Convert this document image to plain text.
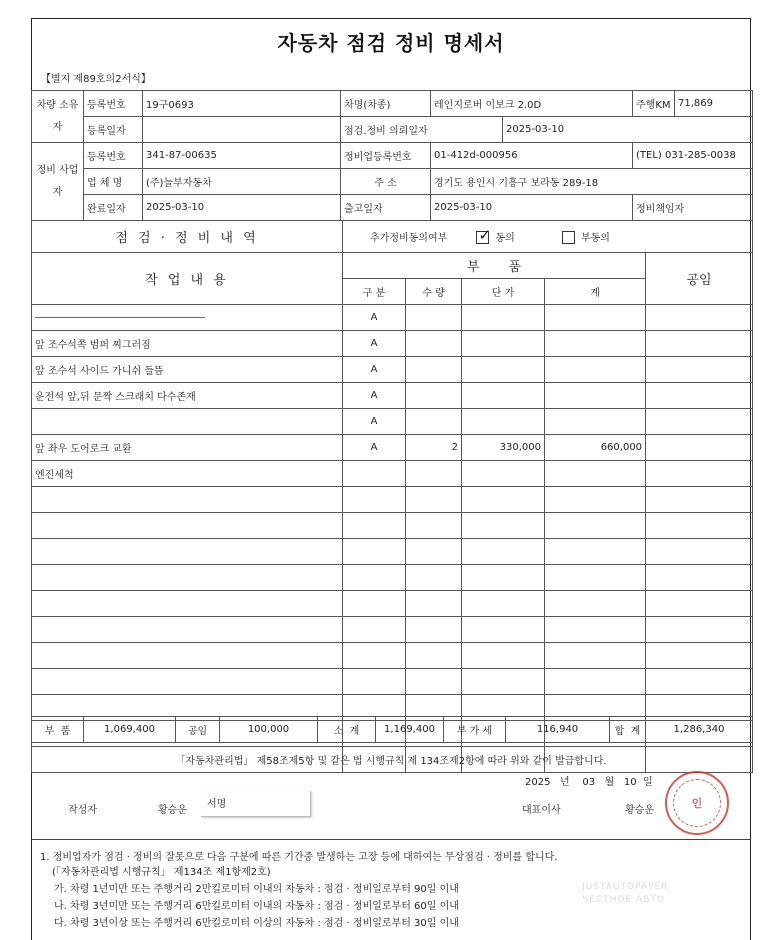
자동차 점검 정비 명세서
【별지 제89호의2서식】
차량 소유자	등록번호	19구0693	차명(차종)	레인지로버 이보크 2.0D		주행KM	71,869	
	등록일자		점검.정비 의뢰일자		2025-03-10			
정비 사업자	등록번호	341-87-00635	정비업등록번호	01-412d-000956		(TEL) 031-285-0038		
	업 체 명	(주)늘부자동차	주 소	경기도 용인시 기흥구 보라동 289-18				
	완료일자	2025-03-10	출고일자	2025-03-10		정비책임자	
점 검 · 정 비 내 역	추가정비동의여부 ✓	동의	부동의
작 업 내 용	부       품				공임
	구 분	수 량	단 가	계	
―――――――――――――――――	A				
앞 조수석쪽 범퍼 찌그러짐	A				
앞 조수석 사이드 가니쉬 들뜸	A				
운전석 앞,뒤 문짝 스크래치 다수존재	A				
	A				
앞 좌우 도어로크 교환	A	2	330,000	660,000	
엔진세척					

부  품	1,069,400	공임	100,000	소  계	1,169,400	부 가 세	116,940	합  계	1,286,340
「자동차관리법」 제58조제5항 및 같은 법 시행규칙 제 134조제2항에 따라 위와 같이 발급합니다.
2025 년 03 월 10 일
작성자	황승운
서명
대표이사	황승운
인
1. 정비업자가 점검 · 정비의 잘못으로 다음 구분에 따른 기간중 발생하는 고장 등에 대하여는 무상점검 · 정비를 합니다.
(「자동차관리법 시행규칙」 제134조 제1항제2호)
가. 차령 1년미만 또는 주행거리 2만킬로미터 이내의 자동차 : 점검 · 정비일로부터 90일 이내
나. 차령 3년미만 또는 주행거리 6만킬로미터 이내의 자동차 : 점검 · 정비일로부터 60일 이내
다. 차령 3년이상 또는 주행거리 6만킬로미터 이상의 자동차 : 점검 · 정비일로부터 30일 이내
JUSTAUTOPAPER
ЧЕСТНОЕ АВТО
